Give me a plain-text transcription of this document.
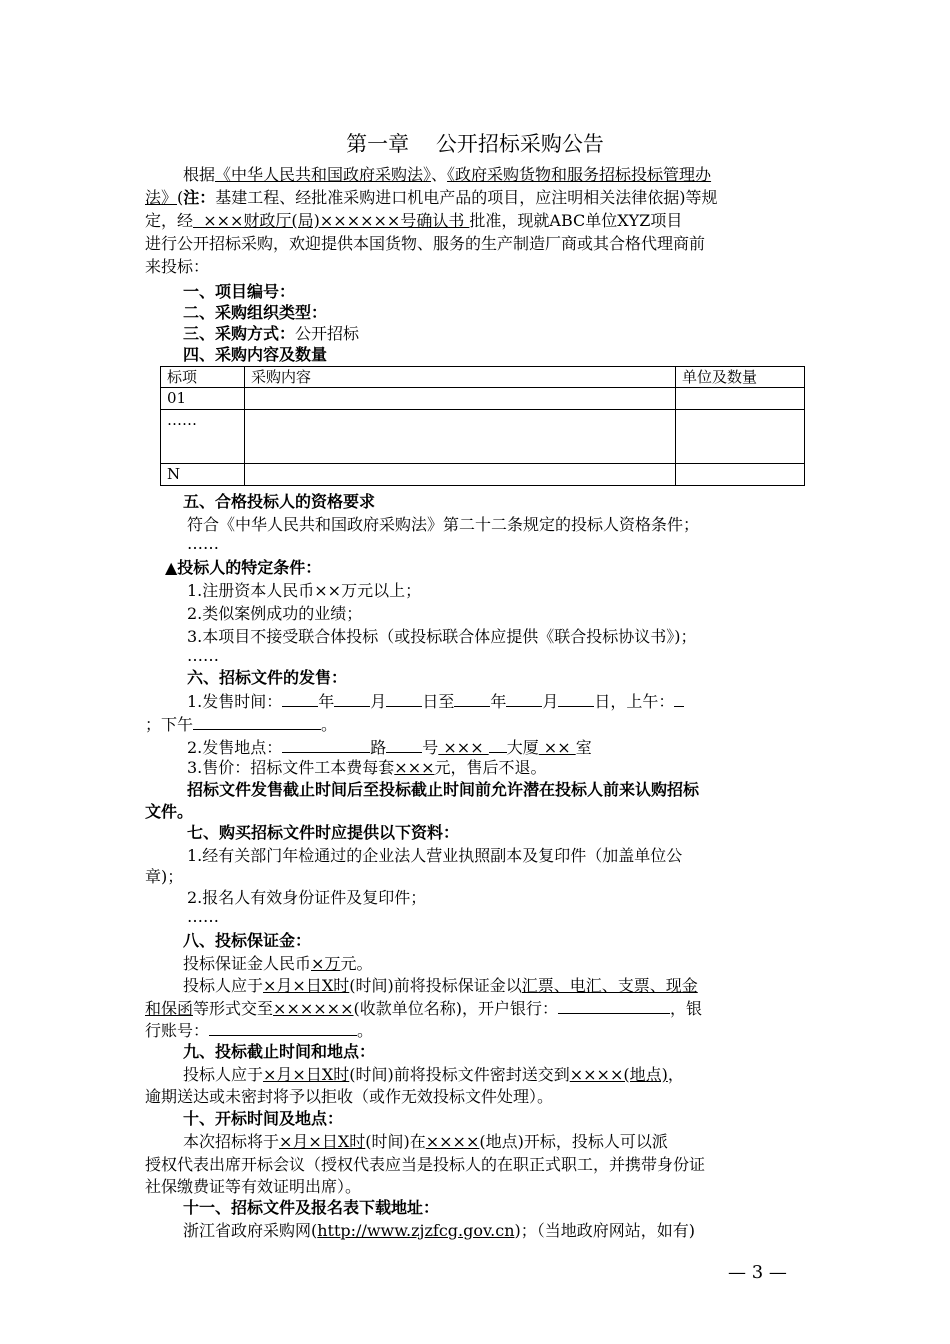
第一章 公开招标采购公告
根据《中华人民共和国政府采购法》、《政府采购货物和服务招标投标管理办
法》(注：基建工程、经批准采购进口机电产品的项目，应注明相关法律依据)等规
定，经  ×××财政厅(局)××××××号确认书 批准，现就ABC单位XYZ项目
进行公开招标采购，欢迎提供本国货物、服务的生产制造厂商或其合格代理商前
来投标：
一、项目编号：
二、采购组织类型：
三、采购方式：公开招标
四、采购内容及数量
标项	采购内容	单位及数量
01		
……		
N		
五、合格投标人的资格要求
符合《中华人民共和国政府采购法》第二十二条规定的投标人资格条件；
……
▲投标人的特定条件：
1.注册资本人民币××万元以上；
2.类似案例成功的业绩；
3.本项目不接受联合体投标（或投标联合体应提供《联合投标协议书》)；
……
六、招标文件的发售：
1.发售时间： 年 月 日至 年 月 日，上午：
；下午	。
2.发售地点：	路 号 ××× 大厦 ×× 室
3.售价：招标文件工本费每套×××元，售后不退。
招标文件发售截止时间后至投标截止时间前允许潜在投标人前来认购招标
文件。
七、购买招标文件时应提供以下资料：
1.经有关部门年检通过的企业法人营业执照副本及复印件（加盖单位公
章)；
2.报名人有效身份证件及复印件；
……
八、投标保证金：
投标保证金人民币×万元。
投标人应于×月×日X时(时间)前将投标保证金以汇票、电汇、支票、现金
和保函等形式交至××××××(收款单位名称)，开户银行：	，银
行账号：	。
九、投标截止时间和地点：
投标人应于×月×日X时(时间)前将投标文件密封送交到××××(地点)，
逾期送达或未密封将予以拒收（或作无效投标文件处理）。
十、开标时间及地点：
本次招标将于×月×日X时(时间)在××××(地点)开标，投标人可以派
授权代表出席开标会议（授权代表应当是投标人的在职正式职工，并携带身份证
社保缴费证等有效证明出席）。
十一、招标文件及报名表下载地址：
浙江省政府采购网(http://www.zjzfcg.gov.cn)；（当地政府网站，如有)
— 3 —
